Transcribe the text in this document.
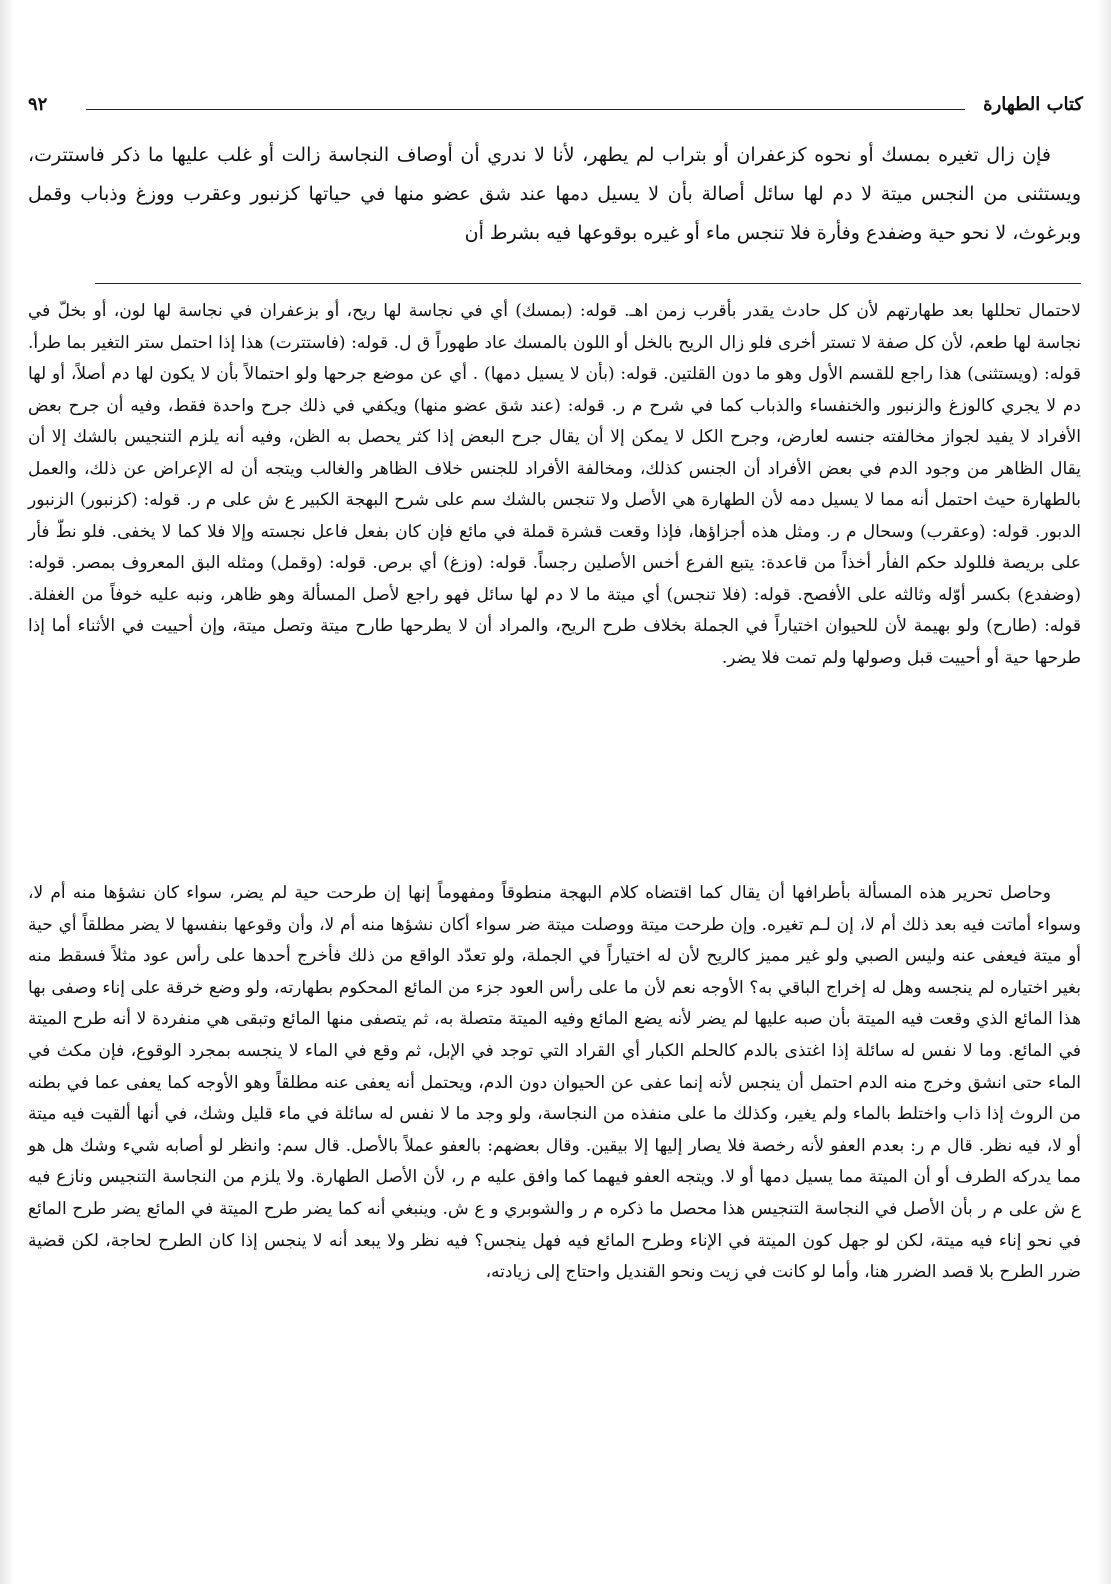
كتاب الطهارة
٩٢

فإن زال تغيره بمسك أو نحوه كزعفران أو بتراب لم يطهر، لأنا لا ندري أن أوصاف النجاسة زالت أو غلب عليها ما ذكر فاستترت، ويستثنى من النجس ميتة لا دم لها سائل أصالة بأن لا يسيل دمها عند شق عضو منها في حياتها كزنبور وعقرب ووزغ وذباب وقمل وبرغوث، لا نحو حية وضفدع وفأرة فلا تنجس ماء أو غيره بوقوعها فيه بشرط أن

لاحتمال تحللها بعد طهارتهم لأن كل حادث يقدر بأقرب زمن اهـ. قوله: (بمسك) أي في نجاسة لها ريح، أو بزعفران في نجاسة لها لون، أو بخلّ في نجاسة لها طعم، لأن كل صفة لا تستر أخرى فلو زال الريح بالخل أو اللون بالمسك عاد طهوراً ق ل. قوله: (فاستترت) هذا إذا احتمل ستر التغير بما طرأ. قوله: (ويستثنى) هذا راجع للقسم الأول وهو ما دون القلتين. قوله: (بأن لا يسيل دمها) . أي عن موضع جرحها ولو احتمالاً بأن لا يكون لها دم أصلاً، أو لها دم لا يجري كالوزغ والزنبور والخنفساء والذباب كما في شرح م ر. قوله: (عند شق عضو منها) ويكفي في ذلك جرح واحدة فقط، وفيه أن جرح بعض الأفراد لا يفيد لجواز مخالفته جنسه لعارض، وجرح الكل لا يمكن إلا أن يقال جرح البعض إذا كثر يحصل به الظن، وفيه أنه يلزم التنجيس بالشك إلا أن يقال الظاهر من وجود الدم في بعض الأفراد أن الجنس كذلك، ومخالفة الأفراد للجنس خلاف الظاهر والغالب ويتجه أن له الإعراض عن ذلك، والعمل بالطهارة حيث احتمل أنه مما لا يسيل دمه لأن الطهارة هي الأصل ولا تنجس بالشك سم على شرح البهجة الكبير ع ش على م ر. قوله: (كزنبور) الزنبور الدبور. قوله: (وعقرب) وسحال م ر. ومثل هذه أجزاؤها، فإذا وقعت قشرة قملة في مائع فإن كان بفعل فاعل نجسته وإلا فلا كما لا يخفى. فلو نطّ فأر على بريصة فللولد حكم الفأر أخذاً من قاعدة: يتبع الفرع أخس الأصلين رجساً. قوله: (وزغ) أي برص. قوله: (وقمل) ومثله البق المعروف بمصر. قوله: (وضفدع) بكسر أوّله وثالثه على الأفصح. قوله: (فلا تنجس) أي ميتة ما لا دم لها سائل فهو راجع لأصل المسألة وهو ظاهر، ونبه عليه خوفاً من الغفلة. قوله: (طارح) ولو بهيمة لأن للحيوان اختياراً في الجملة بخلاف طرح الريح، والمراد أن لا يطرحها طارح ميتة وتصل ميتة، وإن أحييت في الأثناء أما إذا طرحها حية أو أحييت قبل وصولها ولم تمت فلا يضر.

وحاصل تحرير هذه المسألة بأطرافها أن يقال كما اقتضاه كلام البهجة منطوقاً ومفهوماً إنها إن طرحت حية لم يضر، سواء كان نشؤها منه أم لا، وسواء أماتت فيه بعد ذلك أم لا، إن لـم تغيره. وإن طرحت ميتة ووصلت ميتة ضر سواء أكان نشؤها منه أم لا، وأن وقوعها بنفسها لا يضر مطلقاً أي حية أو ميتة فيعفى عنه وليس الصبي ولو غير مميز كالريح لأن له اختياراً في الجملة، ولو تعدّد الواقع من ذلك فأخرج أحدها على رأس عود مثلاً فسقط منه بغير اختياره لم ينجسه وهل له إخراج الباقي به؟ الأوجه نعم لأن ما على رأس العود جزء من المائع المحكوم بطهارته، ولو وضع خرقة على إناء وصفى بها هذا المائع الذي وقعت فيه الميتة بأن صبه عليها لم يضر لأنه يضع المائع وفيه الميتة متصلة به، ثم يتصفى منها المائع وتبقى هي منفردة لا أنه طرح الميتة في المائع. وما لا نفس له سائلة إذا اغتذى بالدم كالحلم الكبار أي القراد التي توجد في الإبل، ثم وقع في الماء لا ينجسه بمجرد الوقوع، فإن مكث في الماء حتى انشق وخرج منه الدم احتمل أن ينجس لأنه إنما عفى عن الحيوان دون الدم، ويحتمل أنه يعفى عنه مطلقاً وهو الأوجه كما يعفى عما في بطنه من الروث إذا ذاب واختلط بالماء ولم يغير، وكذلك ما على منفذه من النجاسة، ولو وجد ما لا نفس له سائلة في ماء قليل وشك، في أنها ألقيت فيه ميتة أو لا، فيه نظر. قال م ر: بعدم العفو لأنه رخصة فلا يصار إليها إلا بيقين. وقال بعضهم: بالعفو عملاً بالأصل. قال سم: وانظر لو أصابه شيء وشك هل هو مما يدركه الطرف أو أن الميتة مما يسيل دمها أو لا. ويتجه العفو فيهما كما وافق عليه م ر، لأن الأصل الطهارة. ولا يلزم من النجاسة التنجيس ونازع فيه ع ش على م ر بأن الأصل في النجاسة التنجيس هذا محصل ما ذكره م ر والشوبري و ع ش. وينبغي أنه كما يضر طرح الميتة في المائع يضر طرح المائع في نحو إناء فيه ميتة، لكن لو جهل كون الميتة في الإناء وطرح المائع فيه فهل ينجس؟ فيه نظر ولا يبعد أنه لا ينجس إذا كان الطرح لحاجة، لكن قضية ضرر الطرح بلا قصد الضرر هنا، وأما لو كانت في زيت ونحو القنديل واحتاج إلى زيادته،
